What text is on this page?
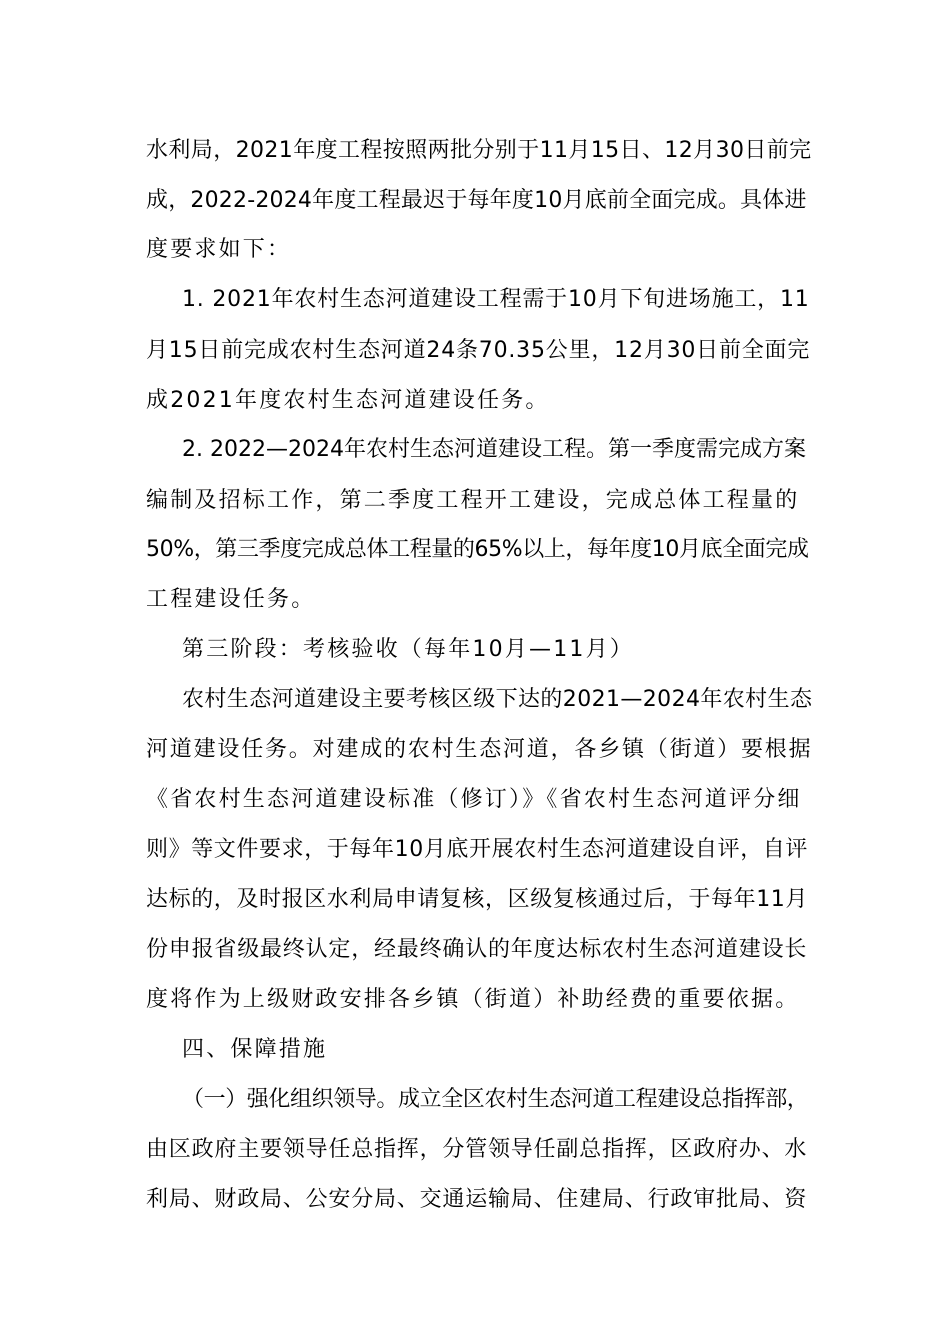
水利局，2021年度工程按照两批分别于11月15日、12月30日前完
成，2022-2024年度工程最迟于每年度10月底前全面完成。具体进
度要求如下：
1. 2021年农村生态河道建设工程需于10月下旬进场施工，11
月15日前完成农村生态河道24条70.35公里，12月30日前全面完
成2021年度农村生态河道建设任务。
2. 2022—2024年农村生态河道建设工程。第一季度需完成方案
编制及招标工作，第二季度工程开工建设，完成总体工程量的
50%，第三季度完成总体工程量的65%以上，每年度10月底全面完成
工程建设任务。
第三阶段：考核验收（每年10月—11月）
农村生态河道建设主要考核区级下达的2021—2024年农村生态
河道建设任务。对建成的农村生态河道，各乡镇（街道）要根据
《省农村生态河道建设标准（修订）》《省农村生态河道评分细
则》等文件要求，于每年10月底开展农村生态河道建设自评，自评
达标的，及时报区水利局申请复核，区级复核通过后，于每年11月
份申报省级最终认定，经最终确认的年度达标农村生态河道建设长
度将作为上级财政安排各乡镇（街道）补助经费的重要依据。
四、保障措施
（一）强化组织领导。成立全区农村生态河道工程建设总指挥部，
由区政府主要领导任总指挥，分管领导任副总指挥，区政府办、水
利局、财政局、公安分局、交通运输局、住建局、行政审批局、资
